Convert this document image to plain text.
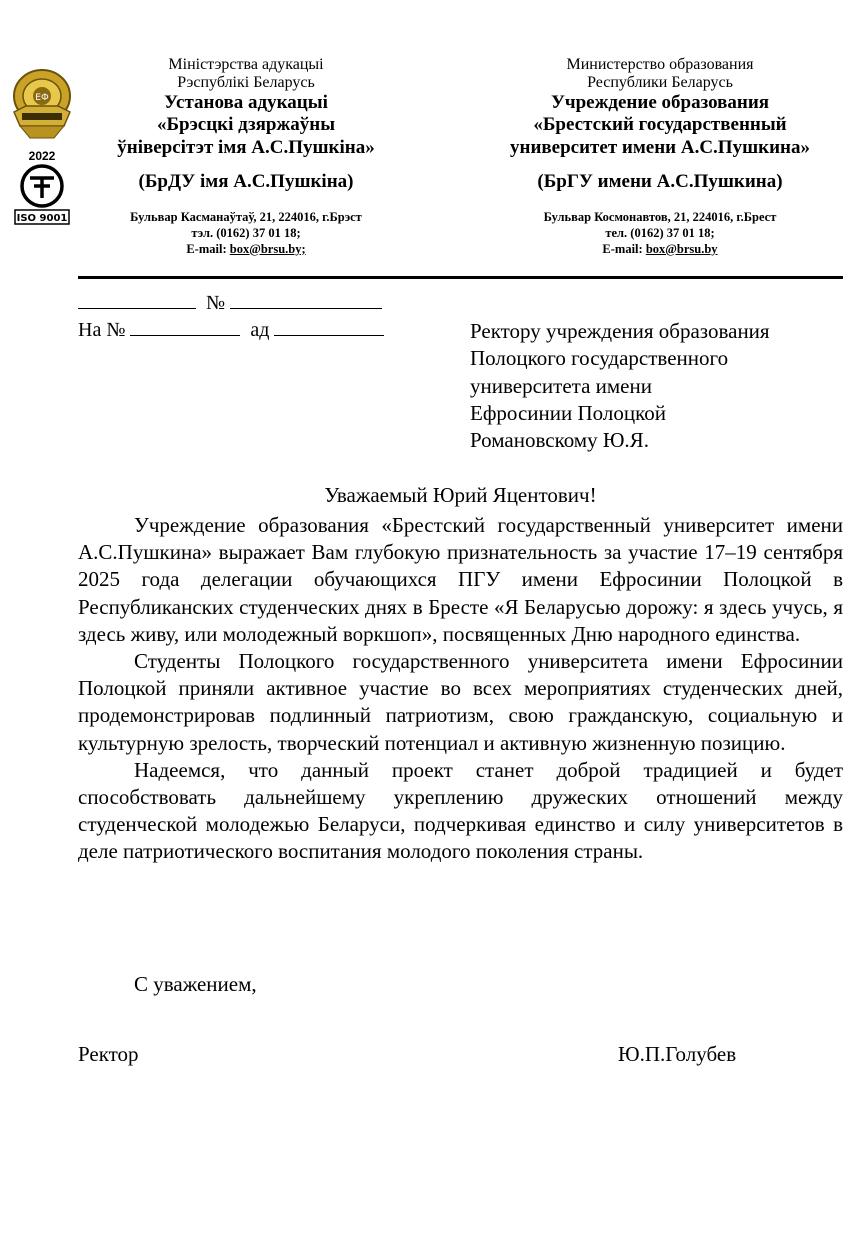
ЕФ
2022
ISO 9001
Міністэрства адукацыі
Рэспублікі Беларусь
Установа адукацыі
«Брэсцкі дзяржаўны
ўніверсітэт імя А.С.Пушкіна»
(БрДУ імя А.С.Пушкіна)
Бульвар Касманаўтаў, 21, 224016, г.Брэст
тэл. (0162) 37 01 18;
E-mail: box@brsu.by;
Министерство образования
Республики Беларусь
Учреждение образования
«Брестский государственный
университет имени А.С.Пушкина»
(БрГУ имени А.С.Пушкина)
Бульвар Космонавтов, 21, 224016, г.Брест
тел. (0162) 37 01 18;
E-mail: box@brsu.by
№
На №	ад	Ректору учреждения образования
Полоцкого государственного
университета имени
Ефросинии Полоцкой
Романовскому Ю.Я.
Уважаемый Юрий Яцентович!

Учреждение образования «Брестский государственный университет имени А.С.Пушкина» выражает Вам глубокую признательность за участие 17–19 сентября 2025 года делегации обучающихся ПГУ имени Ефросинии Полоцкой в Республиканских студенческих днях в Бресте «Я Беларусью дорожу: я здесь учусь, я здесь живу, или молодежный воркшоп», посвященных Дню народного единства.

Студенты Полоцкого государственного университета имени Ефросинии Полоцкой приняли активное участие во всех мероприятиях студенческих дней, продемонстрировав подлинный патриотизм, свою гражданскую, социальную и культурную зрелость, творческий потенциал и активную жизненную позицию.

Надеемся, что данный проект станет доброй традицией и будет способствовать дальнейшему укреплению дружеских отношений между студенческой молодежью Беларуси, подчеркивая единство и силу университетов в деле патриотического воспитания молодого поколения страны.

С уважением,
Ректор	Ю.П.Голубев
